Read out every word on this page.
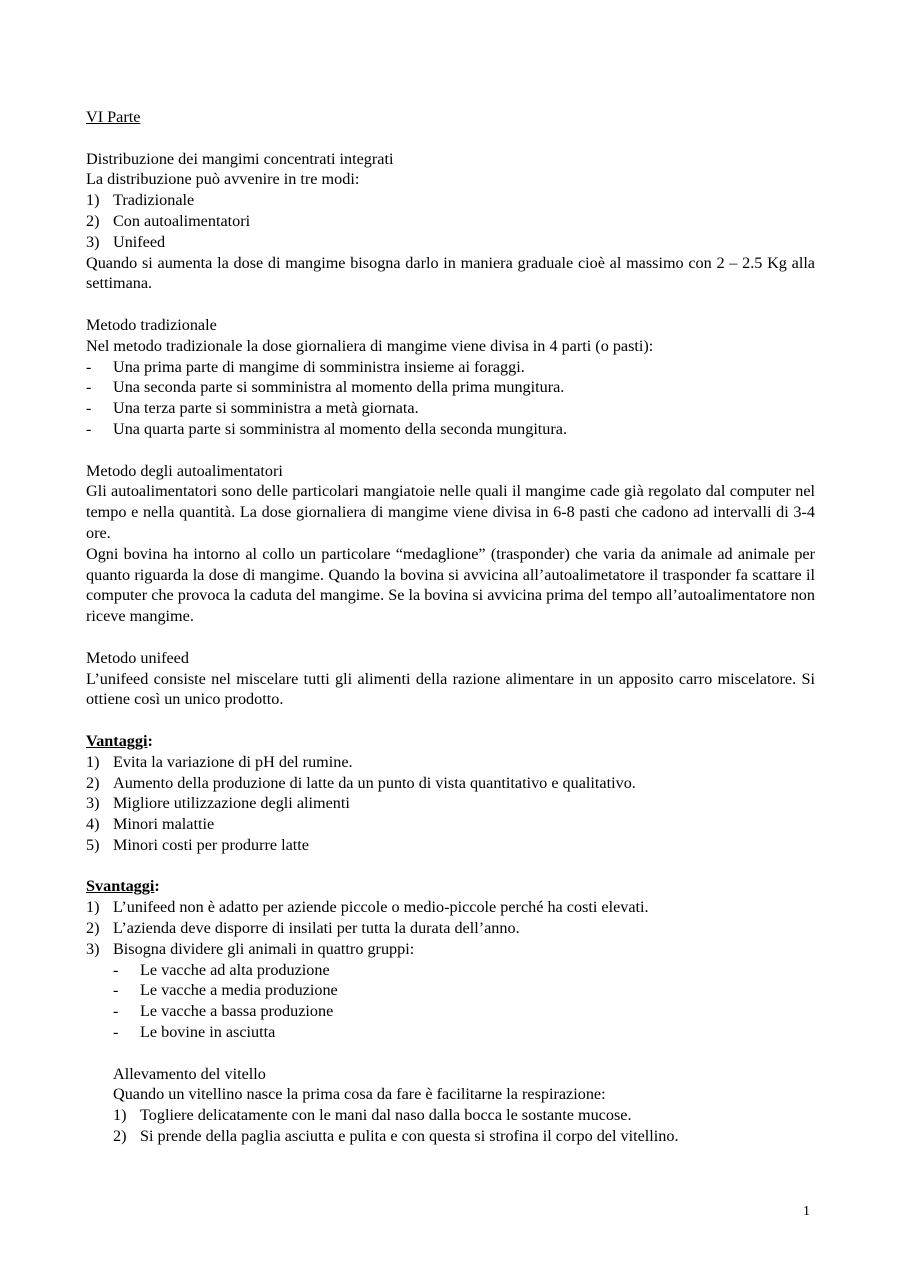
VI Parte

Distribuzione dei mangimi concentrati integrati

La distribuzione può avvenire in tre modi:

1) Tradizionale
2) Con autoalimentatori
3) Unifeed

Quando si aumenta la dose di mangime bisogna darlo in maniera graduale cioè al massimo con 2 – 2.5 Kg alla settimana.

Metodo tradizionale

Nel metodo tradizionale la dose giornaliera di mangime viene divisa in 4 parti (o pasti):

- Una prima parte di mangime di somministra insieme ai foraggi.
- Una seconda parte si somministra al momento della prima mungitura.
- Una terza parte si somministra a metà giornata.
- Una quarta parte si somministra al momento della seconda mungitura.

Metodo degli autoalimentatori

Gli autoalimentatori sono delle particolari mangiatoie nelle quali il mangime cade già regolato dal computer nel tempo e nella quantità. La dose giornaliera di mangime viene divisa in 6-8 pasti che cadono ad intervalli di 3-4 ore.

Ogni bovina ha intorno al collo un particolare “medaglione” (trasponder) che varia da animale ad animale per quanto riguarda la dose di mangime. Quando la bovina si avvicina all’autoalimetatore il trasponder fa scattare il computer che provoca la caduta del mangime. Se la bovina si avvicina prima del tempo all’autoalimentatore non riceve mangime.

Metodo unifeed

L’unifeed consiste nel miscelare tutti gli alimenti della razione alimentare in un apposito carro miscelatore. Si ottiene così un unico prodotto.

Vantaggi:

1) Evita la variazione di pH del rumine.
2) Aumento della produzione di latte da un punto di vista quantitativo e qualitativo.
3) Migliore utilizzazione degli alimenti
4) Minori malattie
5) Minori costi per produrre latte

Svantaggi:

1) L’unifeed non è adatto per aziende piccole o medio-piccole perché ha costi elevati.
2) L’azienda deve disporre di insilati per tutta la durata dell’anno.
3) Bisogna dividere gli animali in quattro gruppi:
- Le vacche ad alta produzione
- Le vacche a media produzione
- Le vacche a bassa produzione
- Le bovine in asciutta

Allevamento del vitello

Quando un vitellino nasce la prima cosa da fare è facilitarne la respirazione:

1) Togliere delicatamente con le mani dal naso dalla bocca le sostante mucose.
2) Si prende della paglia asciutta e pulita e con questa si strofina il corpo del vitellino.
1
